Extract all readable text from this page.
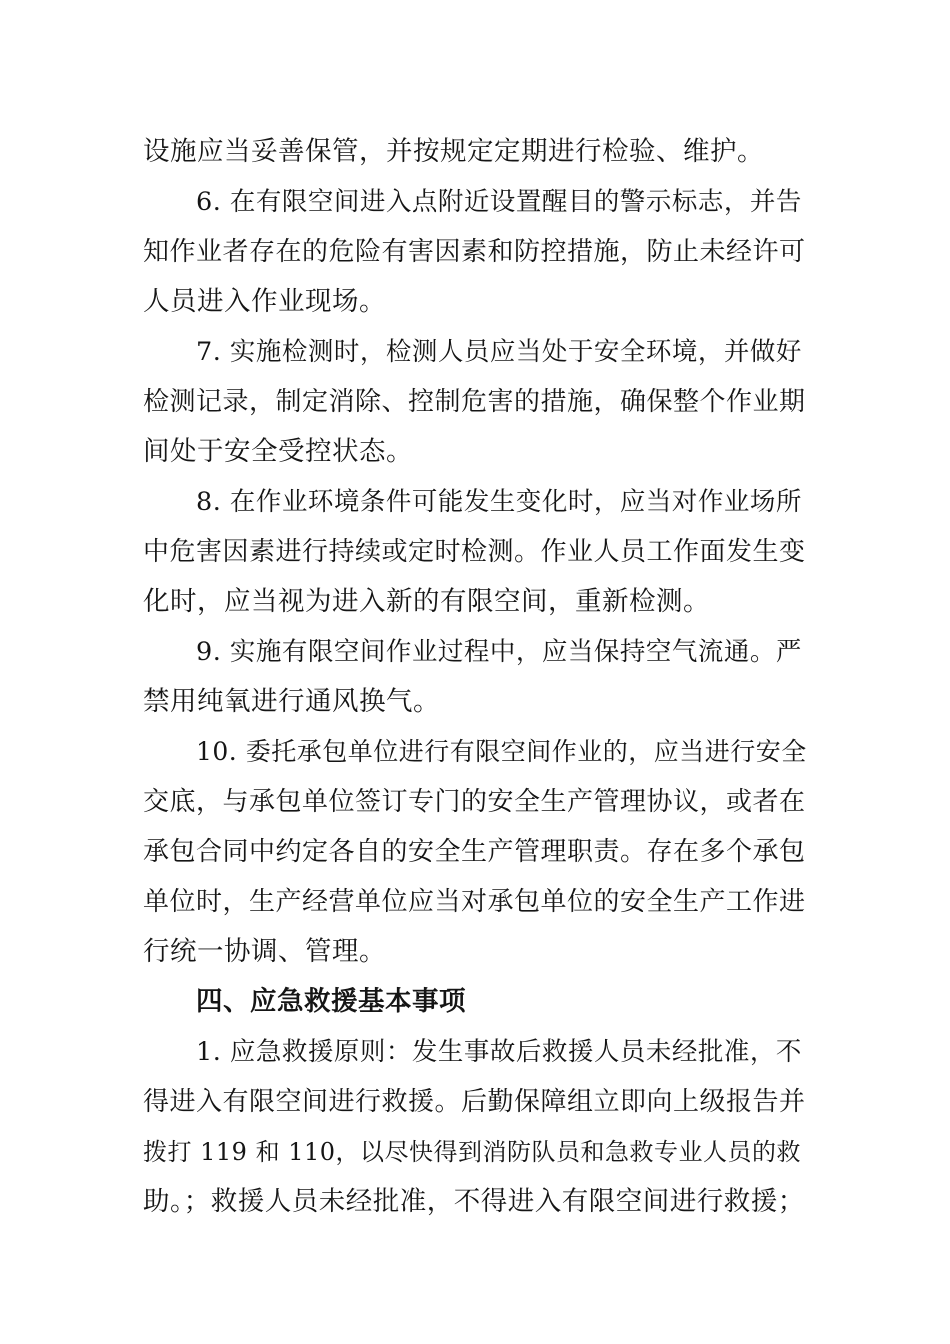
设施应当妥善保管，并按规定定期进行检验、维护。
6. 在有限空间进入点附近设置醒目的警示标志，并告
知作业者存在的危险有害因素和防控措施，防止未经许可
人员进入作业现场。
7. 实施检测时，检测人员应当处于安全环境，并做好
检测记录，制定消除、控制危害的措施，确保整个作业期
间处于安全受控状态。
8. 在作业环境条件可能发生变化时，应当对作业场所
中危害因素进行持续或定时检测。作业人员工作面发生变
化时，应当视为进入新的有限空间，重新检测。
9. 实施有限空间作业过程中，应当保持空气流通。严
禁用纯氧进行通风换气。
10. 委托承包单位进行有限空间作业的，应当进行安全
交底，与承包单位签订专门的安全生产管理协议，或者在
承包合同中约定各自的安全生产管理职责。存在多个承包
单位时，生产经营单位应当对承包单位的安全生产工作进
行统一协调、管理。
四、应急救援基本事项
1. 应急救援原则：发生事故后救援人员未经批准，不
得进入有限空间进行救援。后勤保障组立即向上级报告并
拨打 119 和 110，以尽快得到消防队员和急救专业人员的救
助。；救援人员未经批准，不得进入有限空间进行救援；
